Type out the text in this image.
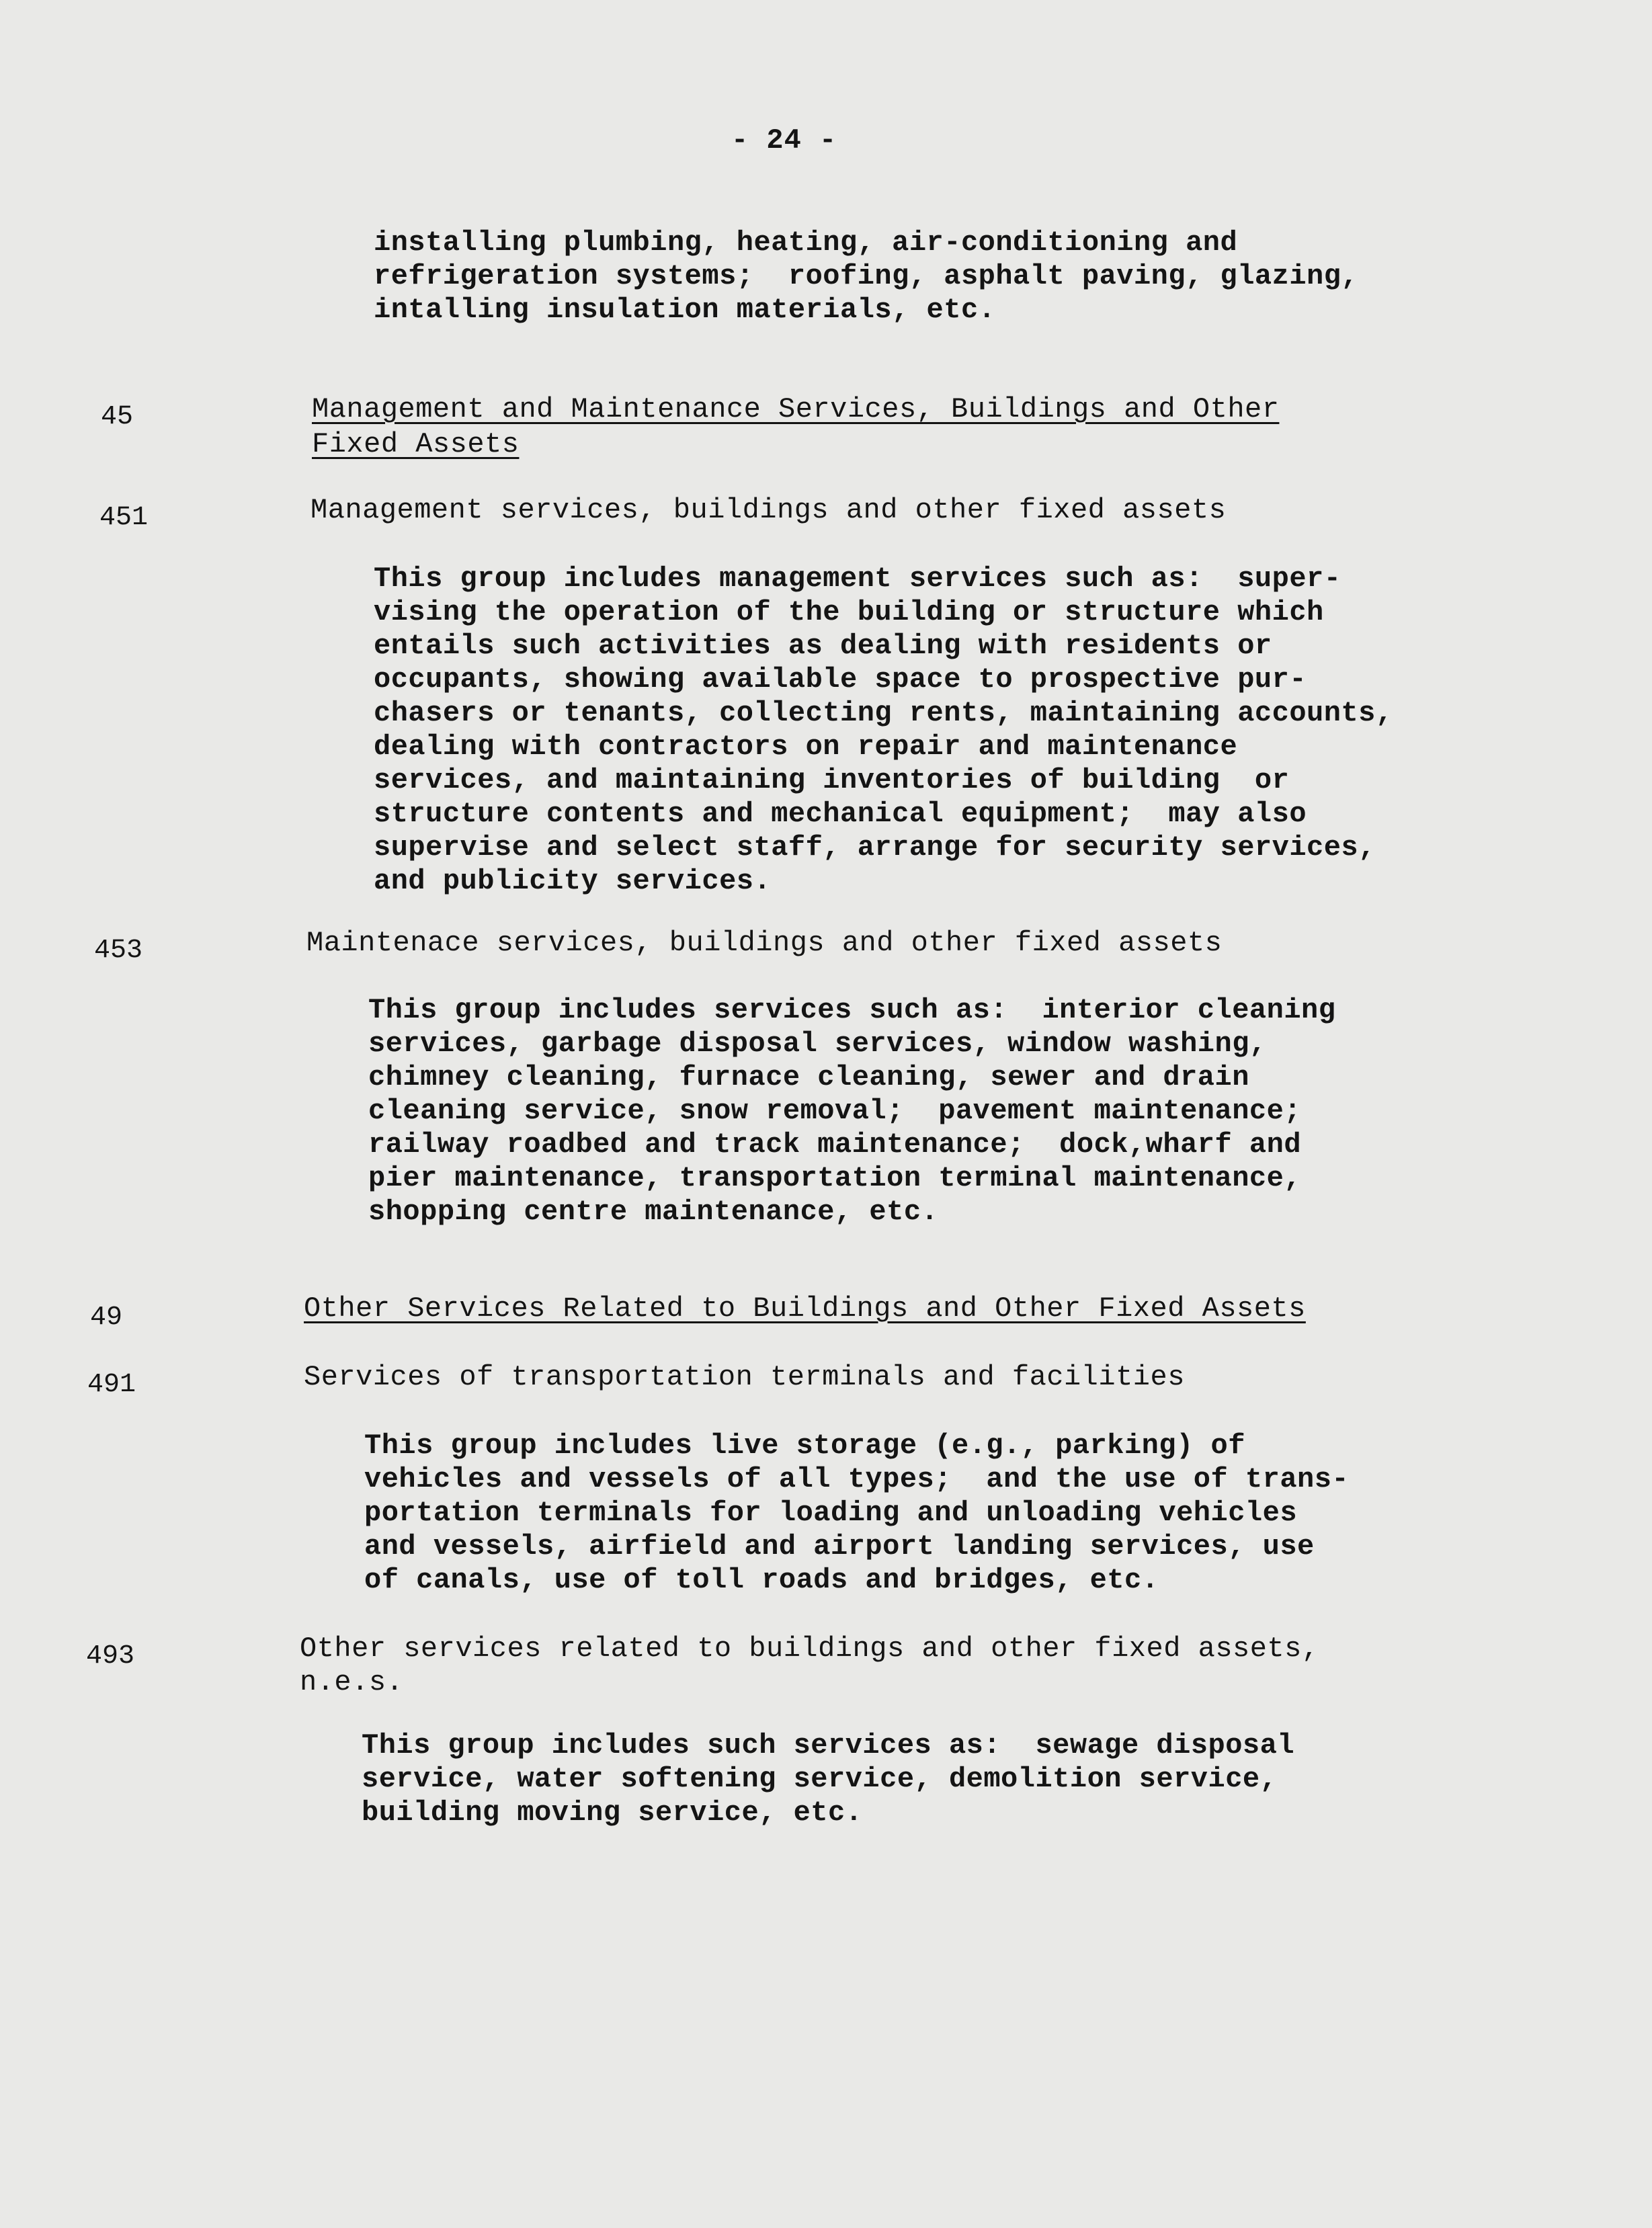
- 24 -
installing plumbing, heating, air-conditioning and
refrigeration systems;  roofing, asphalt paving, glazing,
intalling insulation materials, etc.
45	Management and Maintenance Services, Buildings and Other
Fixed Assets
451	Management services, buildings and other fixed assets
This group includes management services such as:  super-
vising the operation of the building or structure which
entails such activities as dealing with residents or
occupants, showing available space to prospective pur-
chasers or tenants, collecting rents, maintaining accounts,
dealing with contractors on repair and maintenance
services, and maintaining inventories of building  or
structure contents and mechanical equipment;  may also
supervise and select staff, arrange for security services,
and publicity services.
453	Maintenace services, buildings and other fixed assets
This group includes services such as:  interior cleaning
services, garbage disposal services, window washing,
chimney cleaning, furnace cleaning, sewer and drain
cleaning service, snow removal;  pavement maintenance;
railway roadbed and track maintenance;  dock,wharf and
pier maintenance, transportation terminal maintenance,
shopping centre maintenance, etc.
49	Other Services Related to Buildings and Other Fixed Assets
491	Services of transportation terminals and facilities
This group includes live storage (e.g., parking) of
vehicles and vessels of all types;  and the use of trans-
portation terminals for loading and unloading vehicles
and vessels, airfield and airport landing services, use
of canals, use of toll roads and bridges, etc.
493	Other services related to buildings and other fixed assets,
n.e.s.
This group includes such services as:  sewage disposal
service, water softening service, demolition service,
building moving service, etc.
